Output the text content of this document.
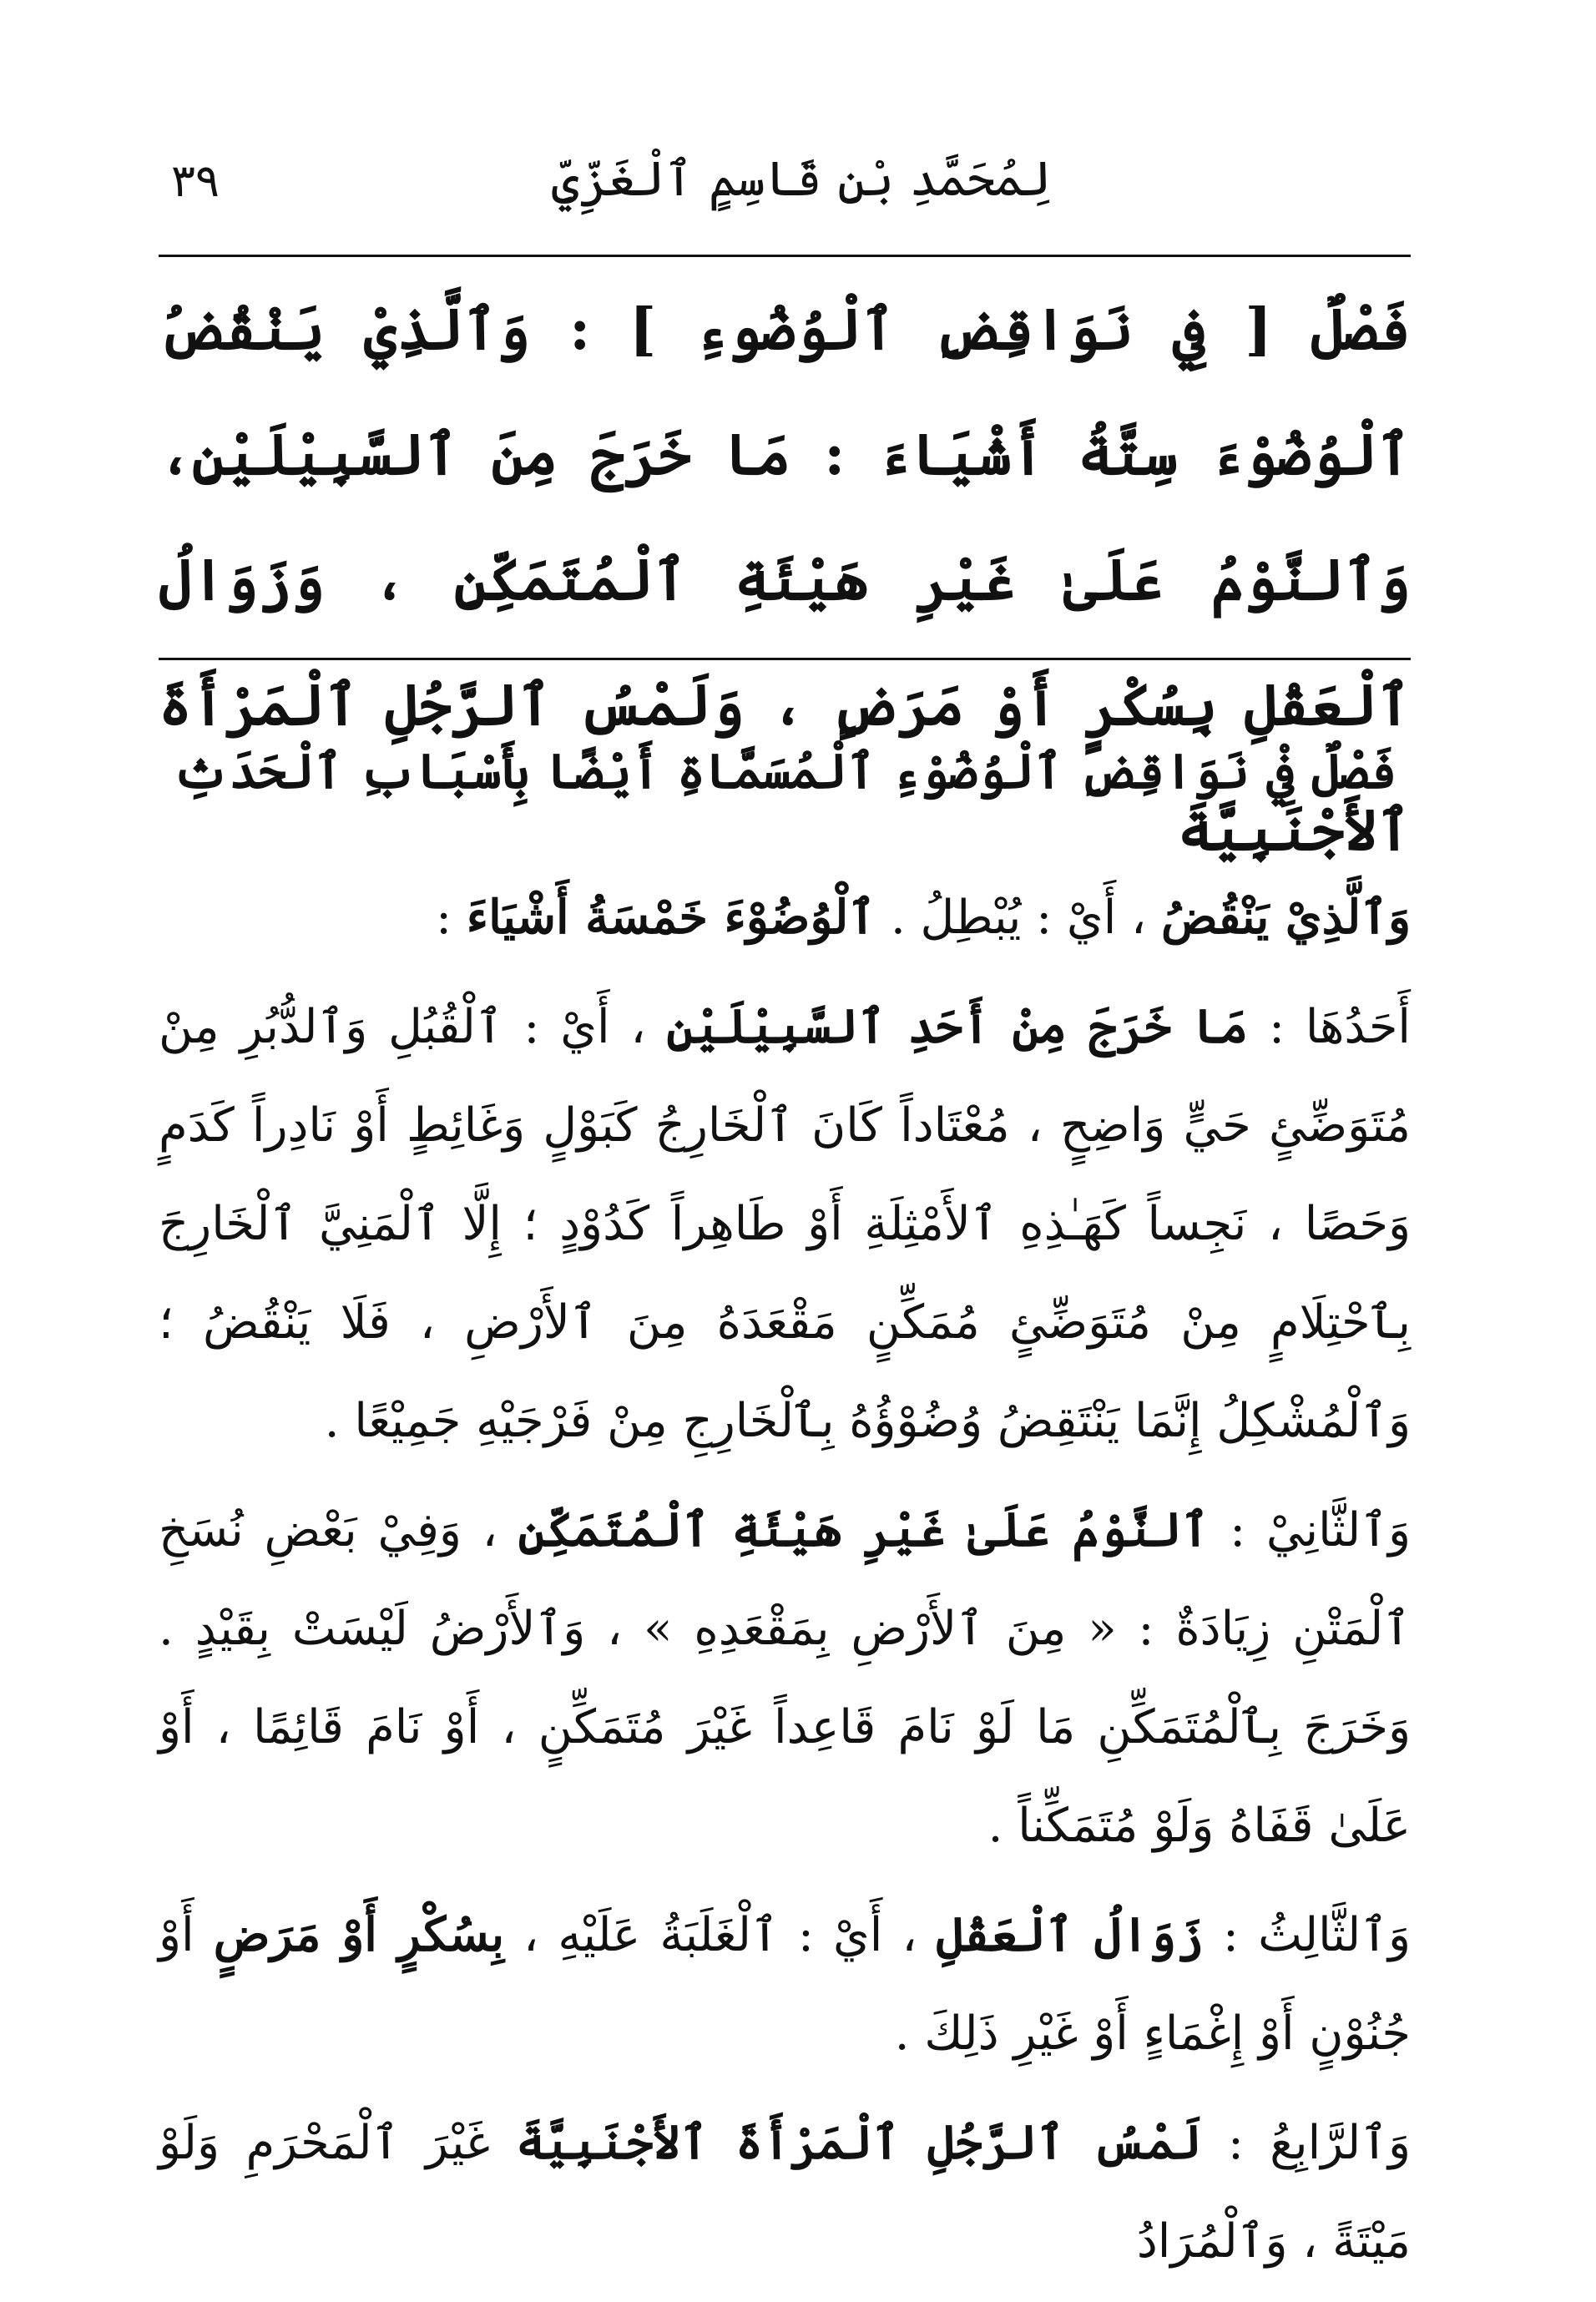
٣٩	لِمُحَمَّدِ بْنِ قَاسِمٍ ٱلْغَزِّيِّ
فَصْلٌ [ فِي نَوَاقِضِ ٱلْوُضُوءِ ] : وَٱلَّذِيْ يَنْقُضُ ٱلْوُضُوْءَ سِتَّةُ أَشْيَاءَ : مَا خَرَجَ مِنَ ٱلسَّبِيْلَيْنِ، وَٱلنَّوْمُ عَلَىٰ غَيْرِ هَيْئَةِ ٱلْمُتَمَكِّنِ ، وَزَوَالُ ٱلْعَقْلِ بِسُكْرٍ أَوْ مَرَضٍ ، وَلَمْسُ ٱلرَّجُلِ ٱلْمَرْأَةَ ٱلأَجْنَبِيَّةَ
فَصْلٌ فِيْ نَوَاقِضِ ٱلْوُضُوْءِ ٱلْمُسَمَّاةِ أَيْضًا بِأَسْبَابِ ٱلْحَدَثِ

وَٱلَّذِيْ يَنْقُضُ ، أَيْ : يُبْطِلُ . ٱلْوُضُوْءَ خَمْسَةُ أَشْيَاءَ :

أَحَدُهَا : مَا خَرَجَ مِنْ أَحَدِ ٱلسَّبِيْلَيْنِ ، أَيْ : ٱلْقُبُلِ وَٱلدُّبُرِ مِنْ مُتَوَضِّئٍ حَيٍّ وَاضِحٍ ، مُعْتَاداً كَانَ ٱلْخَارِجُ كَبَوْلٍ وَغَائِطٍ أَوْ نَادِراً كَدَمٍ وَحَصًا ، نَجِساً كَهَـٰذِهِ ٱلأَمْثِلَةِ أَوْ طَاهِراً كَدُوْدٍ ؛ إِلَّا ٱلْمَنِيَّ ٱلْخَارِجَ بِٱحْتِلَامٍ مِنْ مُتَوَضِّئٍ مُمَكِّنٍ مَقْعَدَهُ مِنَ ٱلأَرْضِ ، فَلَا يَنْقُضُ ؛ وَٱلْمُشْكِلُ إِنَّمَا يَنْتَقِضُ وُضُوْؤُهُ بِٱلْخَارِجِ مِنْ فَرْجَيْهِ جَمِيْعًا .

وَٱلثَّانِيْ : ٱلنَّوْمُ عَلَىٰ غَيْرِ هَيْئَةِ ٱلْمُتَمَكِّنِ ، وَفِيْ بَعْضِ نُسَخِ ٱلْمَتْنِ زِيَادَةٌ : « مِنَ ٱلأَرْضِ بِمَقْعَدِهِ » ، وَٱلأَرْضُ لَيْسَتْ بِقَيْدٍ . وَخَرَجَ بِٱلْمُتَمَكِّنِ مَا لَوْ نَامَ قَاعِداً غَيْرَ مُتَمَكِّنٍ ، أَوْ نَامَ قَائِمًا ، أَوْ عَلَىٰ قَفَاهُ وَلَوْ مُتَمَكِّناً .

وَٱلثَّالِثُ : زَوَالُ ٱلْعَقْلِ ، أَيْ : ٱلْغَلَبَةُ عَلَيْهِ ، بِسُكْرٍ أَوْ مَرَضٍ أَوْ جُنُوْنٍ أَوْ إِغْمَاءٍ أَوْ غَيْرِ ذَلِكَ .

وَٱلرَّابِعُ : لَمْسُ ٱلرَّجُلِ ٱلْمَرْأَةَ ٱلأَجْنَبِيَّةَ غَيْرَ ٱلْمَحْرَمِ وَلَوْ مَيْتَةً ، وَٱلْمُرَادُ
